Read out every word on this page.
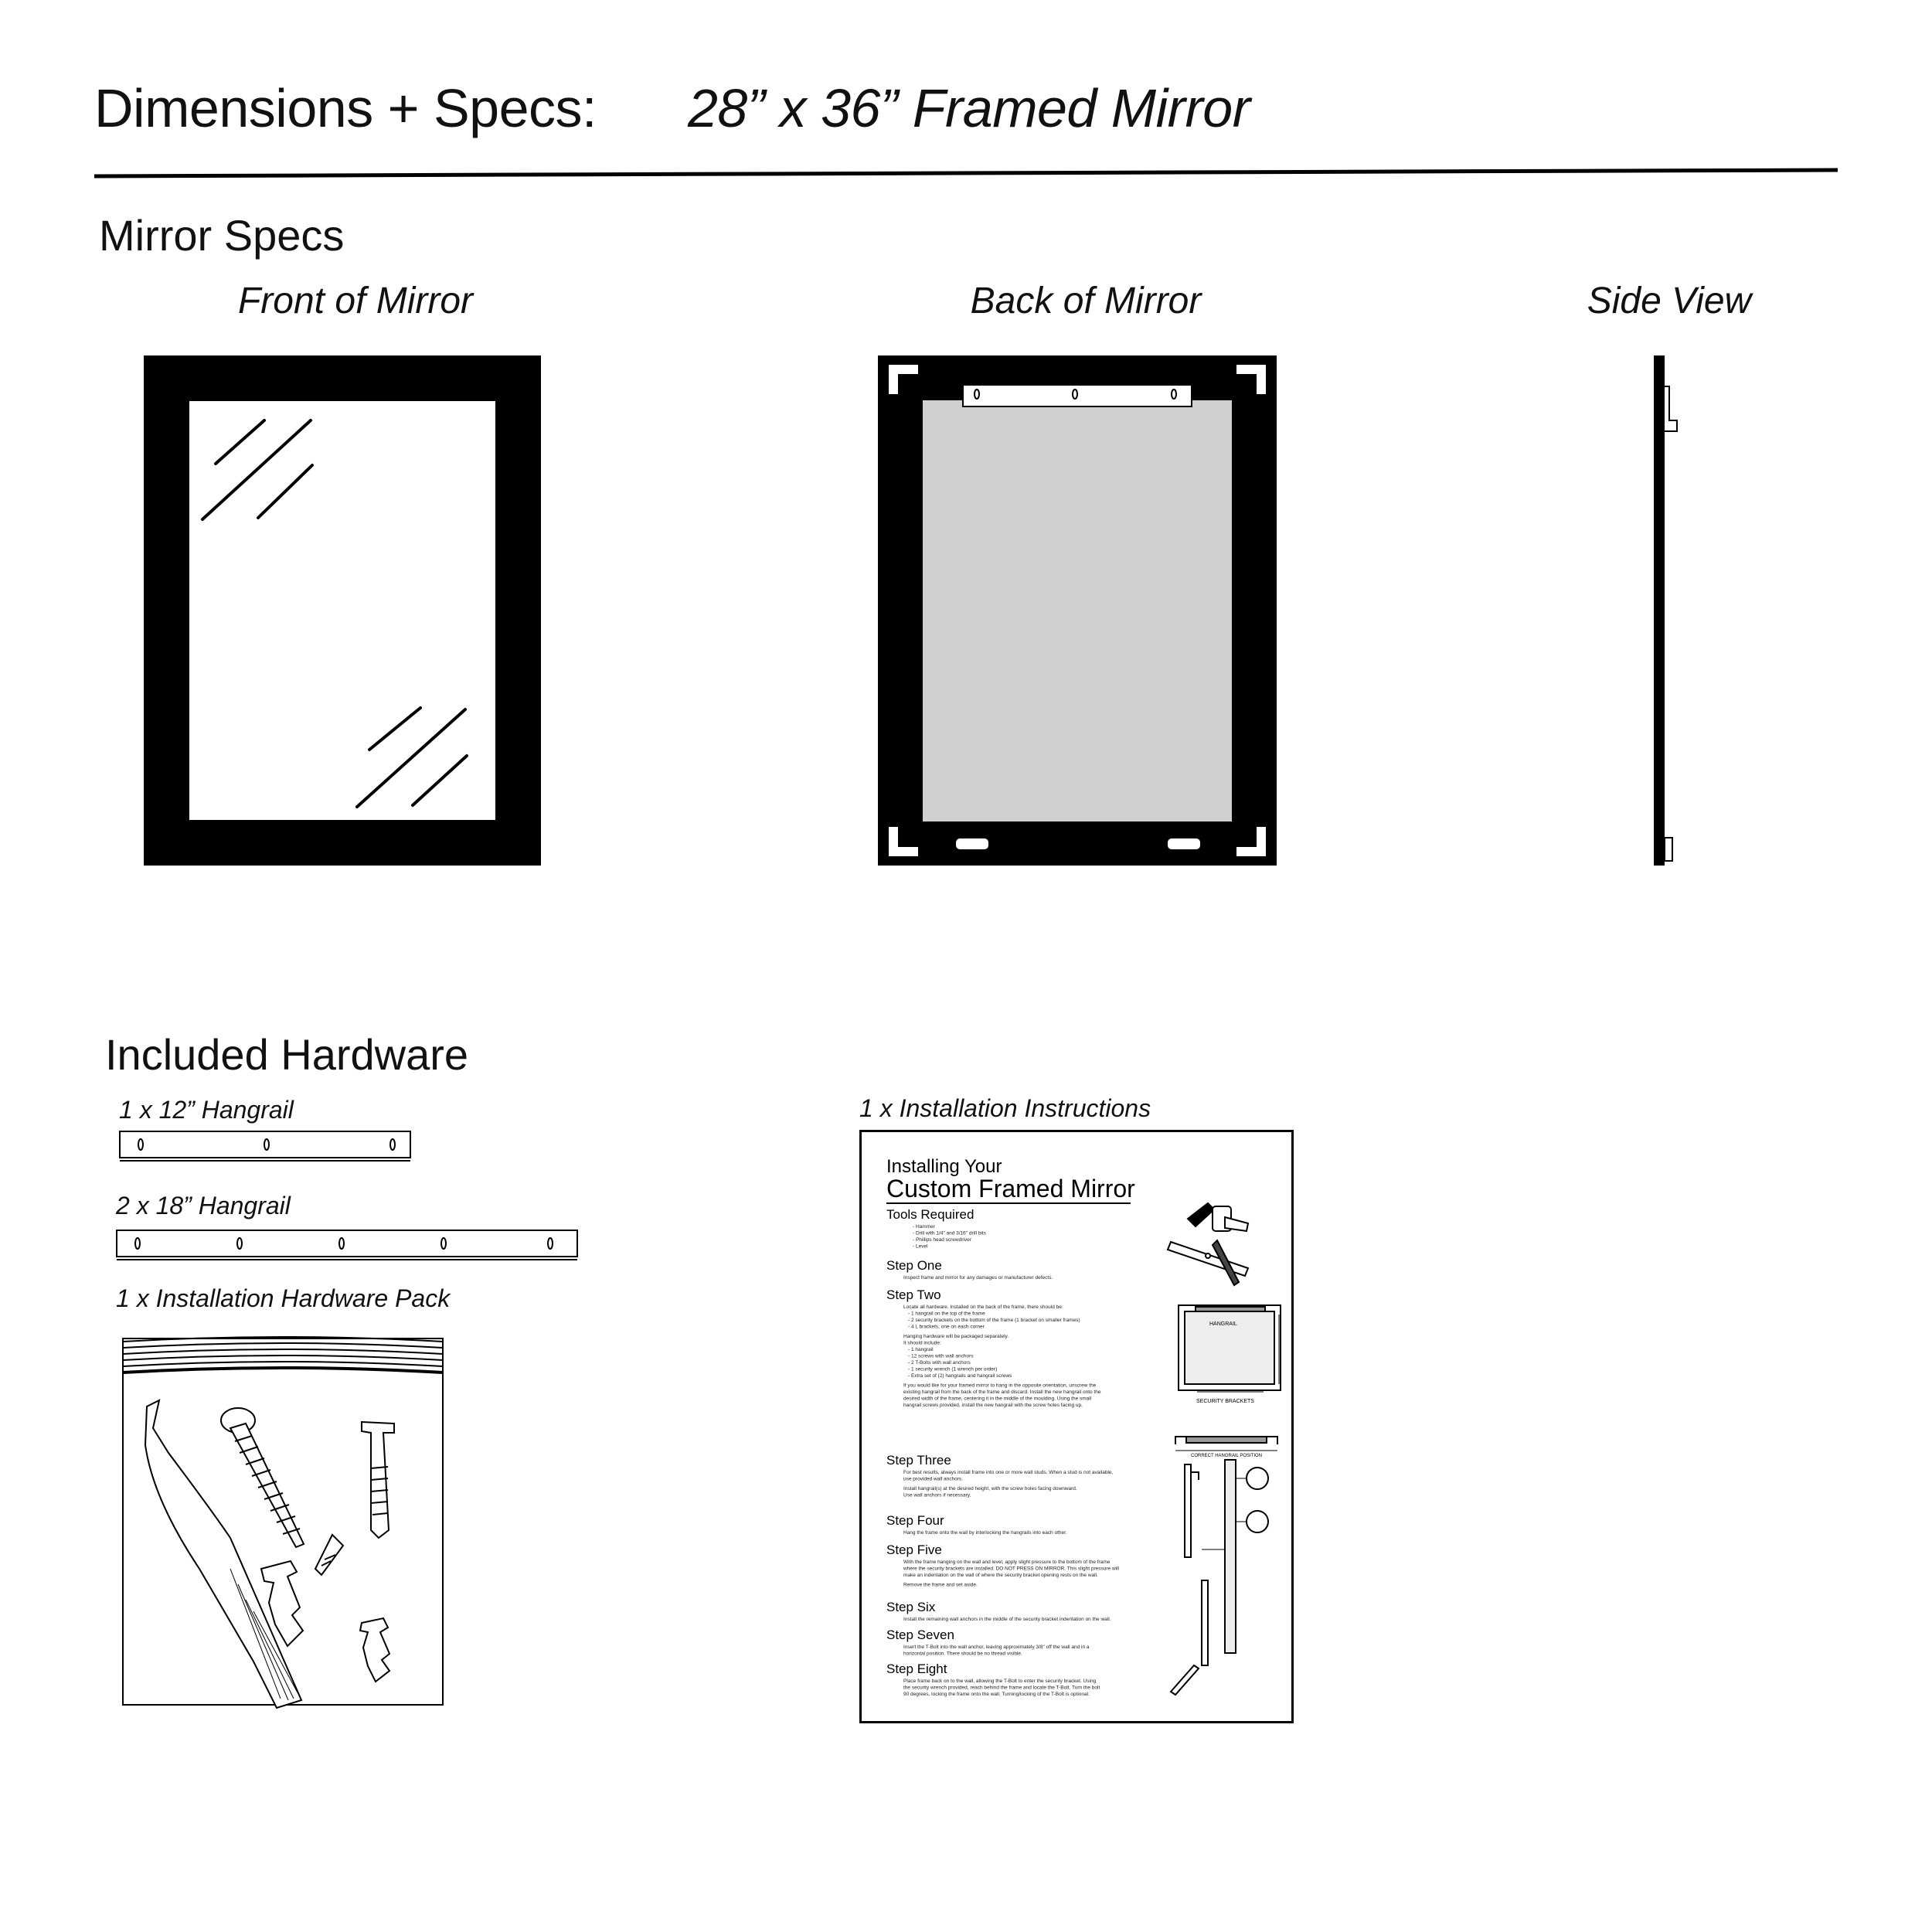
Dimensions + Specs: 28” x 36” Framed Mirror
Mirror Specs
Front of Mirror	Back of Mirror	Side View
Included Hardware
1 x 12” Hangrail
2 x 18” Hangrail
1 x Installation Hardware Pack
1 x Installation Instructions
Installing Your
Custom Framed Mirror
Tools Required
- Hammer
- Drill with 1/4" and 3/16" drill bits
- Phillips head screwdriver
- Level
Step One
Inspect frame and mirror for any damages or manufacturer defects.
Step Two
Locate all hardware. Installed on the back of the frame, there should be:
- 1 hangrail on the top of the frame
- 2 security brackets on the bottom of the frame (1 bracket on smaller frames)
- 4 L brackets, one on each corner
Hanging hardware will be packaged separately.
It should include:
- 1 hangrail
- 12 screws with wall anchors
- 2 T-Bolts with wall anchors
- 1 security wrench (1 wrench per order)
- Extra set of (2) hangrails and hangrail screws
If you would like for your framed mirror to hang in the opposite orientation, unscrew the
existing hangrail from the back of the frame and discard. Install the new hangrail onto the
desired width of the frame, centering it in the middle of the moulding. Using the small
hangrail screws provided, install the new hangrail with the screw holes facing up.
Step Three
For best results, always install frame into one or more wall studs. When a stud is not available,
use provided wall anchors.
Install hangrail(s) at the desired height, with the screw holes facing downward.
Use wall anchors if necessary.
Step Four
Hang the frame onto the wall by interlocking the hangrails into each other.
Step Five
With the frame hanging on the wall and level, apply slight pressure to the bottom of the frame
where the security brackets are installed. DO NOT PRESS ON MIRROR. This slight pressure will
make an indentation on the wall of where the security bracket opening rests on the wall.
Remove the frame and set aside.
Step Six
Install the remaining wall anchors in the middle of the security bracket indentation on the wall.
Step Seven
Insert the T-Bolt into the wall anchor, leaving approximately 3/8" off the wall and in a
horizontal position. There should be no thread visible.
Step Eight
Place frame back on to the wall, allowing the T-Bolt to enter the security bracket. Using
the security wrench provided, reach behind the frame and locate the T-Bolt. Turn the bolt
90 degrees, locking the frame onto the wall. Turning/locking of the T-Bolt is optional.
HANGRAIL
SECURITY BRACKETS
CORRECT HANGRAIL POSITION
